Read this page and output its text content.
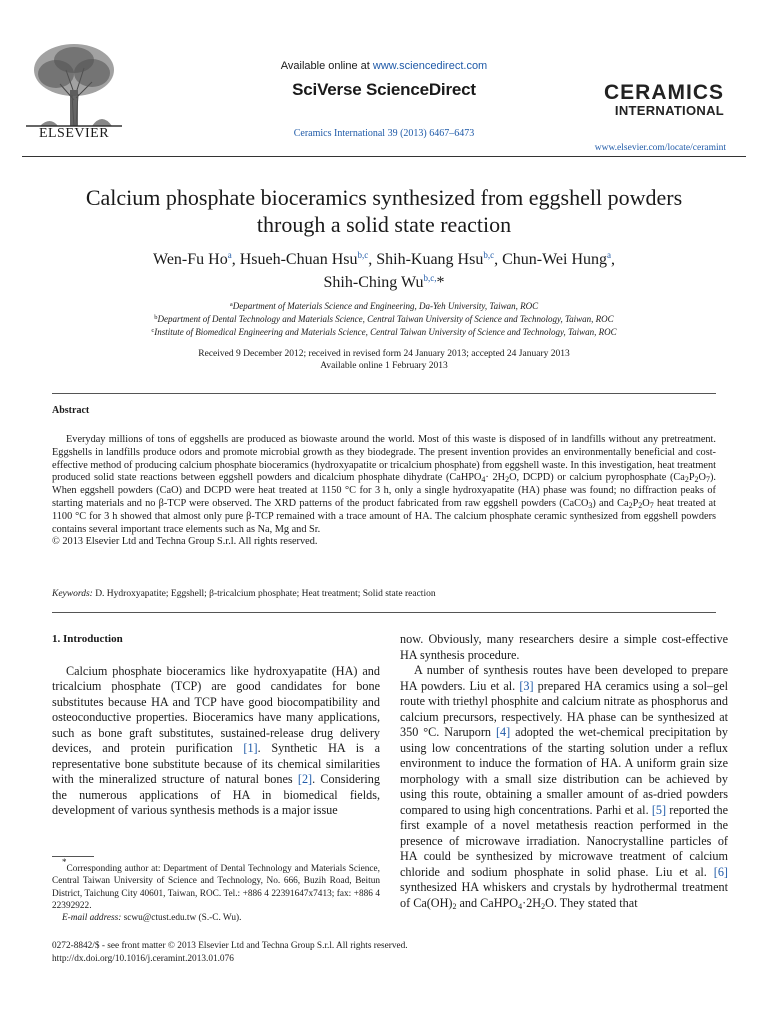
ELSEVIER
Available online at www.sciencedirect.com
SciVerse ScienceDirect
Ceramics International 39 (2013) 6467–6473
CERAMICS
INTERNATIONAL
www.elsevier.com/locate/ceramint
Calcium phosphate bioceramics synthesized from eggshell powders
through a solid state reaction
Wen-Fu Ho$^a$, Hsueh-Chuan Hsu$^{b,c}$, Shih-Kuang Hsu$^{b,c}$, Chun-Wei Hung$^a$,
Shih-Ching $Wu^{b,c,}*$
$^a$Department of Materials Science and Engineering, Da-Yeh University, Taiwan, ROC
$^b$Department of Dental Technology and Materials Science, Central Taiwan University of Science and Technology, Taiwan, ROC
$^c$Institute of Biomedical Engineering and Materials Science, Central Taiwan University of Science and Technology, Taiwan, ROC
Received 9 December 2012; received in revised form 24 January 2013; accepted 24 January 2013
Available online 1 February 2013
Abstract

Everyday millions of tons of eggshells are produced as biowaste around the world. Most of this waste is disposed of in landfills without any pretreatment. Eggshells in landfills produce odors and promote microbial growth as they biodegrade. The present invention provides an environmentally beneficial and cost-effective method of producing calcium phosphate bioceramics (hydroxyapatite or tricalcium phosphate) from eggshell waste. In this investigation, heat treatment produced solid state reactions between eggshell powders and dicalcium phosphate dihydrate (CaHPO4· 2H2O, DCPD) or calcium pyrophosphate (Ca2P2O7). When eggshell powders (CaO) and DCPD were heat treated at 1150 °C for 3 h, only a single hydroxyapatite (HA) phase was found; no diffraction peaks of starting materials and no β-TCP were observed. The XRD patterns of the product fabricated from raw eggshell powders (CaCO3) and Ca2P2O7 heat treated at 1100 °C for 3 h showed that almost only pure β-TCP remained with a trace amount of HA. The calcium phosphate ceramic synthesized from eggshell powders contains several important trace elements such as Na, Mg and Sr.

© 2013 Elsevier Ltd and Techna Group S.r.l. All rights reserved.

Keywords: D. Hydroxyapatite; Eggshell; β-tricalcium phosphate; Heat treatment; Solid state reaction

1. Introduction

Calcium phosphate bioceramics like hydroxyapatite (HA) and tricalcium phosphate (TCP) are good candidates for bone substitutes because HA and TCP have good biocompatibility and osteoconductive properties. Bioceramics have many applications, such as bone graft substitutes, sustained-release drug delivery devices, and protein purification [1]. Synthetic HA is a representative bone substitute because of its chemical similarities with the mineralized structure of natural bones [2]. Considering the numerous applications of HA in biomedical fields, development of various synthesis methods is a major issue

now. Obviously, many researchers desire a simple cost-effective HA synthesis procedure.

A number of synthesis routes have been developed to prepare HA powders. Liu et al. [3] prepared HA ceramics using a sol–gel route with triethyl phosphite and calcium nitrate as phosphorus and calcium precursors, respectively. HA phase can be synthesized at 350 °C. Naruporn [4] adopted the wet-chemical precipitation by using low concentrations of the starting solution under a reflux environment to induce the formation of HA. A uniform grain size morphology with a small size distribution can be achieved by using this route, obtaining a smaller amount of as-dried powders compared to using high concentrations. Parhi et al. [5] reported the first example of a novel metathesis reaction performed in the presence of microwave irradiation. Nanocrystalline particles of HA could be synthesized by microwave treatment of calcium chloride and sodium phosphate in solid phase. Liu et al. [6] synthesized HA whiskers and crystals by hydrothermal treatment of Ca(OH)2 and CaHPO4·2H2O. They stated that

*Corresponding author at: Department of Dental Technology and Materials Science, Central Taiwan University of Science and Technology, No. 666, Buzih Road, Beitun District, Taichung City 40601, Taiwan, ROC. Tel.: +886 4 22391647x7413; fax: +886 4 22392922.

E-mail address: scwu@ctust.edu.tw (S.-C. Wu).

0272-8842/$ - see front matter © 2013 Elsevier Ltd and Techna Group S.r.l. All rights reserved.
http://dx.doi.org/10.1016/j.ceramint.2013.01.076
